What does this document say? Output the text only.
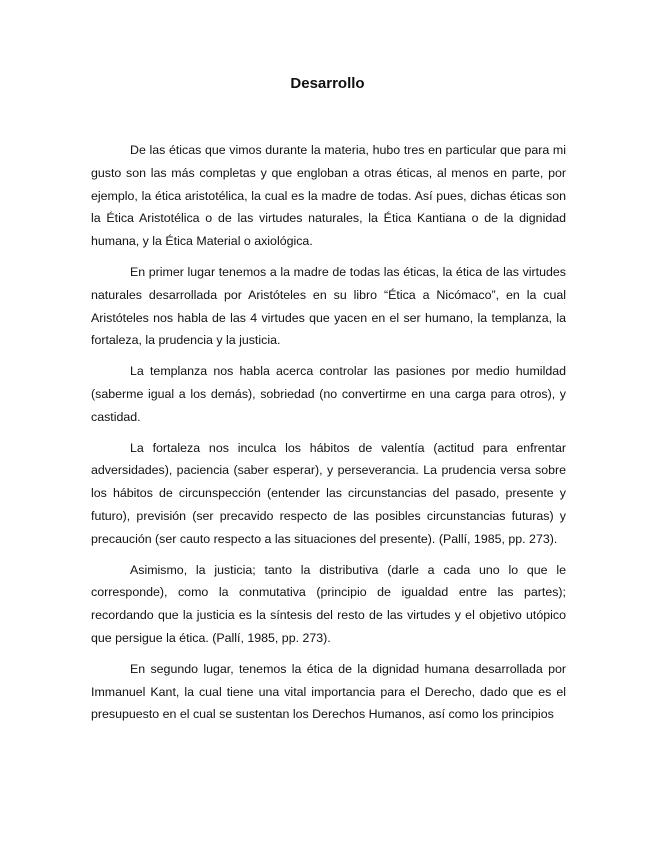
Desarrollo

De las éticas que vimos durante la materia, hubo tres en particular que para mi gusto son las más completas y que engloban a otras éticas, al menos en parte, por ejemplo, la ética aristotélica, la cual es la madre de todas. Así pues, dichas éticas son la Ética Aristotélica o de las virtudes naturales, la Ética Kantiana o de la dignidad humana, y la Ética Material o axiológica.

En primer lugar tenemos a la madre de todas las éticas, la ética de las virtudes naturales desarrollada por Aristóteles en su libro “Ética a Nicómaco”, en la cual Aristóteles nos habla de las 4 virtudes que yacen en el ser humano, la templanza, la fortaleza, la prudencia y la justicia.

La templanza nos habla acerca controlar las pasiones por medio humildad (saberme igual a los demás), sobriedad (no convertirme en una carga para otros), y castidad.

La fortaleza nos inculca los hábitos de valentía (actitud para enfrentar adversidades), paciencia (saber esperar), y perseverancia. La prudencia versa sobre los hábitos de circunspección (entender las circunstancias del pasado, presente y futuro), previsión (ser precavido respecto de las posibles circunstancias futuras) y precaución (ser cauto respecto a las situaciones del presente). (Pallí, 1985, pp. 273).

Asimismo, la justicia; tanto la distributiva (darle a cada uno lo que le corresponde), como la conmutativa (principio de igualdad entre las partes); recordando que la justicia es la síntesis del resto de las virtudes y el objetivo utópico que persigue la ética. (Pallí, 1985, pp. 273).

En segundo lugar, tenemos la ética de la dignidad humana desarrollada por Immanuel Kant, la cual tiene una vital importancia para el Derecho, dado que es el presupuesto en el cual se sustentan los Derechos Humanos, así como los principios
